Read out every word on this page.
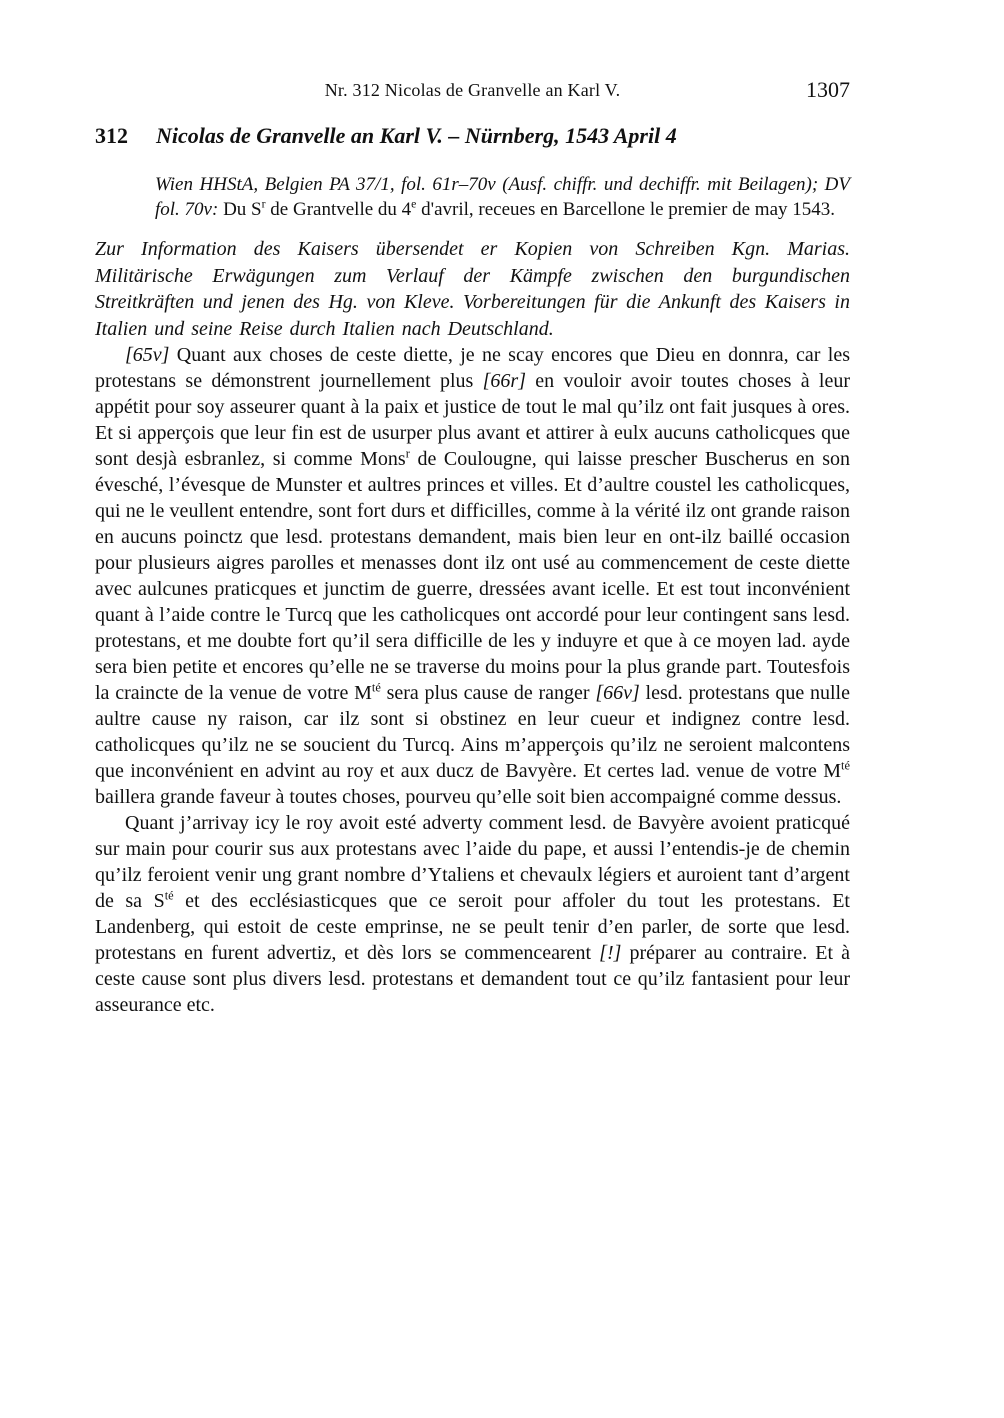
Nr. 312 Nicolas de Granvelle an Karl V.	1307
312 Nicolas de Granvelle an Karl V. – Nürnberg, 1543 April 4

Wien HHStA, Belgien PA 37/1, fol. 61r–70v (Ausf. chiffr. und dechiffr. mit Beilagen); DV fol. 70v: Du $S^r$ de Grantvelle du 4e d'avril, receues en Barcellone le premier de may 1543.

Zur Information des Kaisers übersendet er Kopien von Schreiben Kgn. Marias. Militärische Erwägungen zum Verlauf der Kämpfe zwischen den burgundischen Streitkräften und jenen des Hg. von Kleve. Vorbereitungen für die Ankunft des Kaisers in Italien und seine Reise durch Italien nach Deutschland.

[65v] Quant aux choses de ceste diette, je ne scay encores que Dieu en donnra, car les protestans se démonstrent journellement plus [66r] en vouloir avoir toutes choses à leur appétit pour soy asseurer quant à la paix et justice de tout le mal qu’ilz ont fait jusques à ores. Et si apperçois que leur fin est de usurper plus avant et attirer à eulx aucuns catholicques que sont desjà esbranlez, si comme Mons$^r$ de Coulougne, qui laisse prescher Buscherus en son évesché, l’évesque de Munster et aultres princes et villes. Et d’aultre coustel les catholicques, qui ne le veullent entendre, sont fort durs et difficilles, comme à la vérité ilz ont grande raison en aucuns poinctz que lesd. protestans demandent, mais bien leur en ont-ilz baillé occasion pour plusieurs aigres parolles et menasses dont ilz ont usé au commencement de ceste diette avec aulcunes praticques et junctim de guerre, dressées avant icelle. Et est tout inconvénient quant à l’aide contre le Turcq que les catholicques ont accordé pour leur contingent sans lesd. protestans, et me doubte fort qu’il sera difficille de les y induyre et que à ce moyen lad. ayde sera bien petite et encores qu’elle ne se traverse du moins pour la plus grande part. Toutesfois la craincte de la venue de votre $M^{té}$ sera plus cause de ranger [66v] lesd. protestans que nulle aultre cause ny raison, car ilz sont si obstinez en leur cueur et indignez contre lesd. catholicques qu’ilz ne se soucient du Turcq. Ains m’apperçois qu’ilz ne seroient malcontens que inconvénient en advint au roy et aux ducz de Bavyère. Et certes lad. venue de votre $M^{té}$ baillera grande faveur à toutes choses, pourveu qu’elle soit bien accompaigné comme dessus.

Quant j’arrivay icy le roy avoit esté adverty comment lesd. de Bavyère avoient praticqué sur main pour courir sus aux protestans avec l’aide du pape, et aussi l’entendis-je de chemin qu’ilz feroient venir ung grant nombre d’Ytaliens et chevaulx légiers et auroient tant d’argent de sa $S^{té}$ et des ecclésiasticques que ce seroit pour affoler du tout les protestans. Et Landenberg, qui estoit de ceste emprinse, ne se peult tenir d’en parler, de sorte que lesd. protestans en furent advertiz, et dès lors se commencearent [!] préparer au contraire. Et à ceste cause sont plus divers lesd. protestans et demandent tout ce qu’ilz fantasient pour leur asseurance etc.
